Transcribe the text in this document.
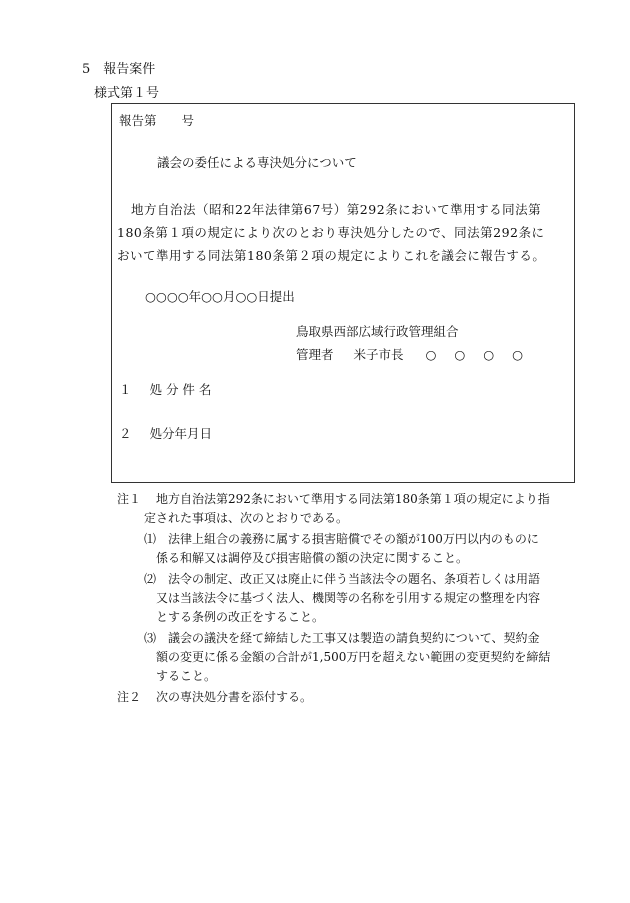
5　報告案件
様式第１号
報告第　　号
議会の委任による専決処分について
地方自治法（昭和22年法律第67号）第292条において準用する同法第
180条第１項の規定により次のとおり専決処分したので、同法第292条に
おいて準用する同法第180条第２項の規定によりこれを議会に報告する。
○○○○年○○月○○日提出
鳥取県西部広域行政管理組合
管理者 米子市長 ○ ○ ○ ○
１ 処 分 件 名
２ 処分年月日
注１ 地方自治法第292条において準用する同法第180条第１項の規定により指
定された事項は、次のとおりである。
⑴ 法律上組合の義務に属する損害賠償でその額が100万円以内のものに
係る和解又は調停及び損害賠償の額の決定に関すること。
⑵ 法令の制定、改正又は廃止に伴う当該法令の題名、条項若しくは用語
又は当該法令に基づく法人、機関等の名称を引用する規定の整理を内容
とする条例の改正をすること。
⑶ 議会の議決を経て締結した工事又は製造の請負契約について、契約金
額の変更に係る金額の合計が1,500万円を超えない範囲の変更契約を締結
すること。
注２ 次の専決処分書を添付する。
